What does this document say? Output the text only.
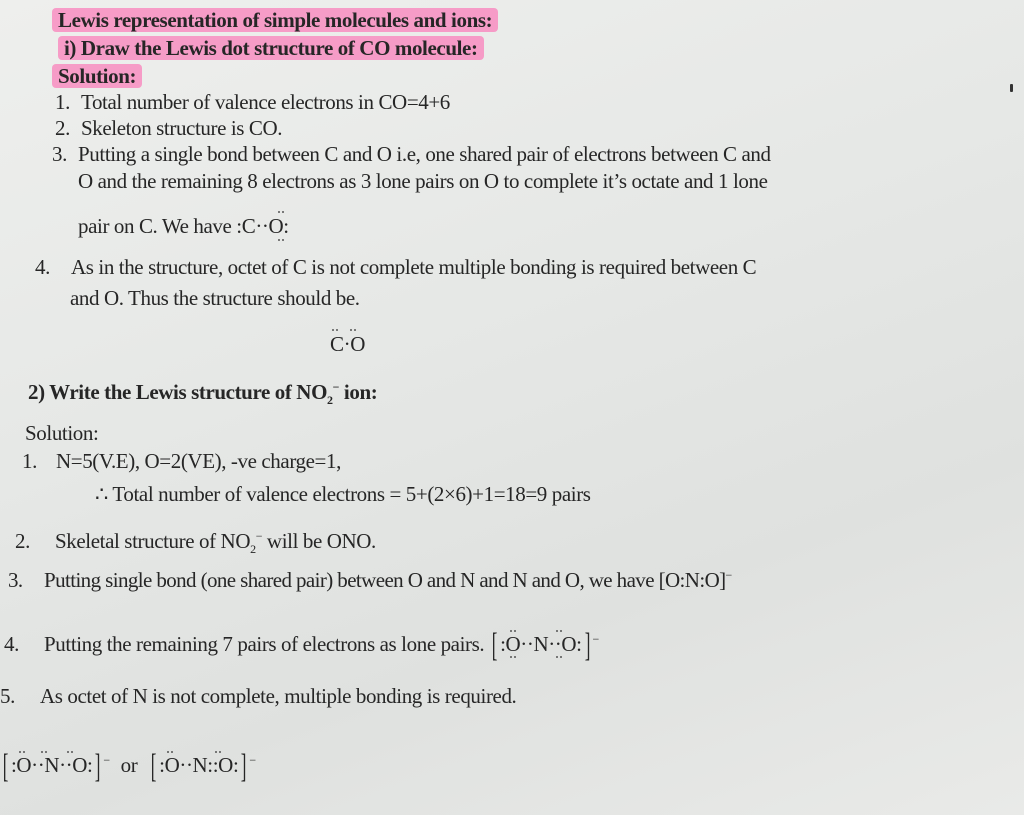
Lewis representation of simple molecules and ions:
i) Draw the Lewis dot structure of CO molecule:
Solution:
1. Total number of valence electrons in CO=4+6
2. Skeleton structure is CO.
3. Putting a single bond between C and O i.e, one shared pair of electrons between C and
O and the remaining 8 electrons as 3 lone pairs on O to complete it’s octate and 1 lone
pair on C. We have :C··O:
4. As in the structure, octet of C is not complete multiple bonding is required between C
and O. Thus the structure should be.
C·O
2) Write the Lewis structure of $NO_2^-$ ion:
Solution:
1. N=5(V.E), O=2(VE), -ve charge=1,
∴ Total number of valence electrons = 5+(2×6)+1=18=9 pairs
2. Skeletal structure of $NO_2^-$ will be ONO.
3. Putting single bond (one shared pair) between O and N and N and O, we have [O:N:O]−
4. Putting the remaining 7 pairs of electrons as lone pairs. [ :O··N··O:
] −
5. As octet of N is not complete, multiple bonding is required.
[ :O··N··O:
] − or [ :O··N::O:
] −
